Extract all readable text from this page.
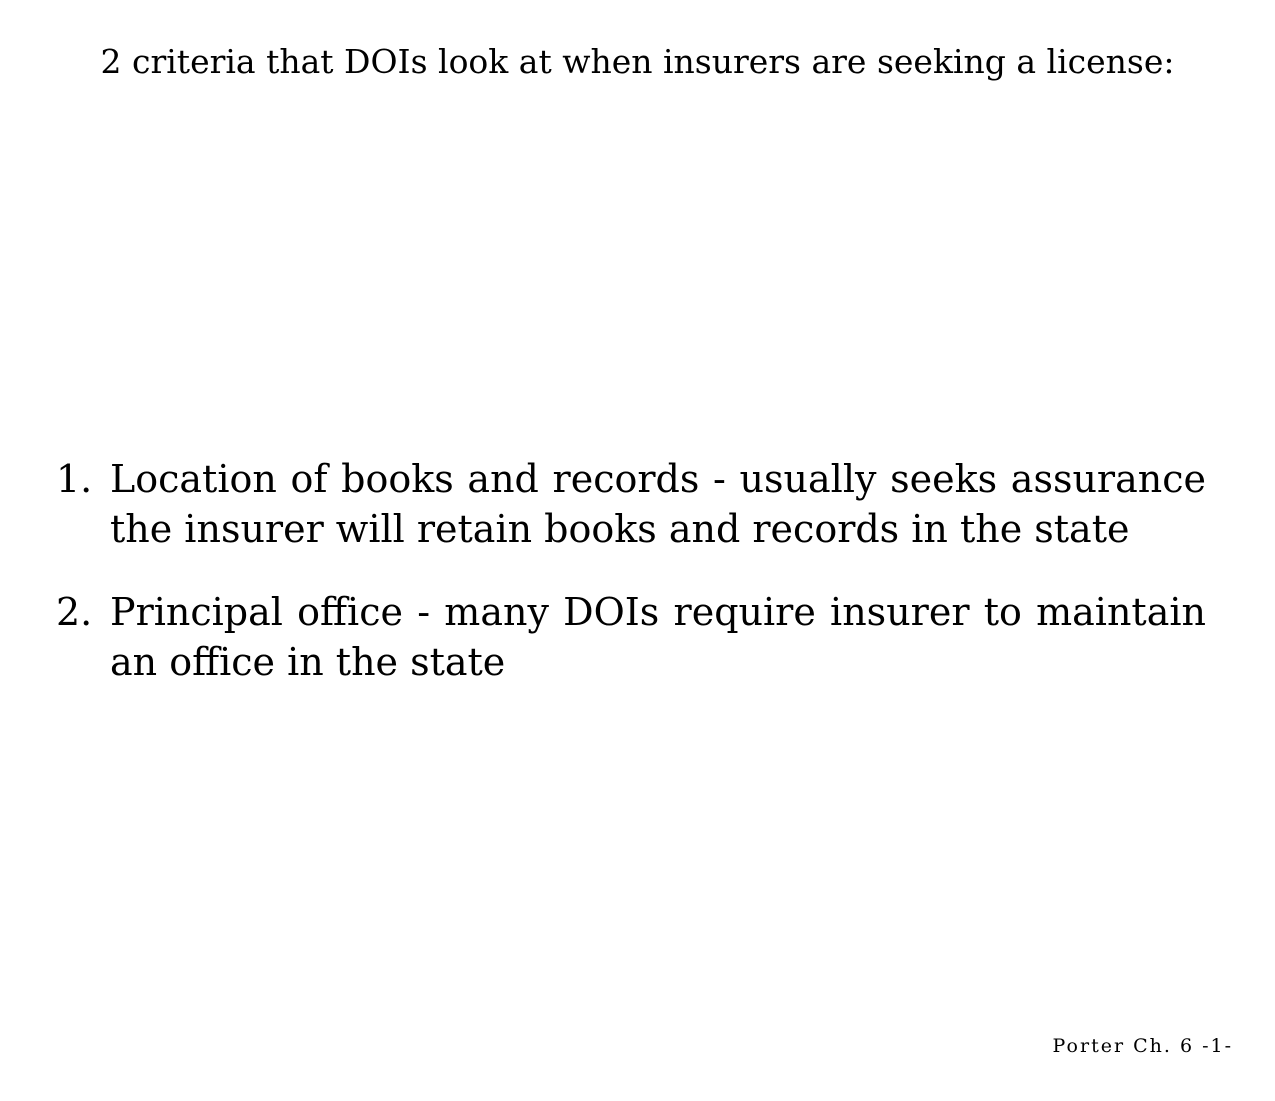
2 criteria that DOIs look at when insurers are seeking a license:
1. Location of books and records - usually seeks assurance the insurer will retain books and records in the state
2. Principal office - many DOIs require insurer to maintain an office in the state
Porter Ch. 6 -1-
